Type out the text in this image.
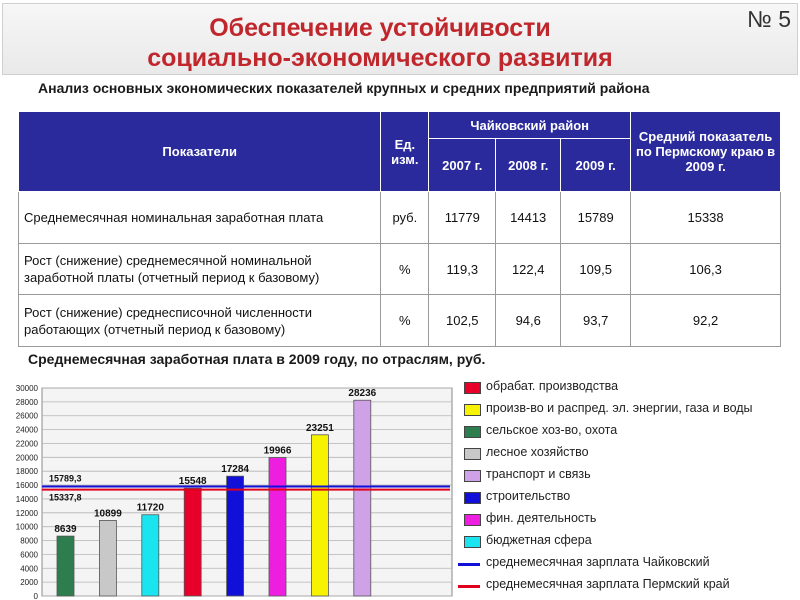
Обеспечение устойчивости
социально-экономического развития
№ 5
Анализ основных экономических показателей крупных и средних предприятий района
Показатели	Ед. изм.	Чайковский район			Средний показатель по Пермскому краю в 2009 г.
		2007 г.	2008 г.	2009 г.	
Среднемесячная номинальная заработная плата	руб.	11779	14413	15789	15338
Рост (снижение) среднемесячной номинальной заработной платы (отчетный период к базовому)	%	119,3	122,4	109,5	106,3
Рост (снижение) среднесписочной численности работающих (отчетный период к базовому)	%	102,5	94,6	93,7	92,2
Среднемесячная заработная плата в 2009 году, по отраслям, руб.
0
2000
4000
6000
8000
10000
12000
14000
16000
18000
20000
22000
24000
26000
28000
30000
8639
10899
11720
15548
17284
19966
23251
28236
15789,3
15337,8
обрабат. производства
произв-во и распред. эл. энергии, газа и воды
сельское хоз-во, охота
лесное хозяйство
транспорт и связь
строительство
фин. деятельность
бюджетная сфера
среднемесячная зарплата Чайковский
среднемесячная зарплата Пермский край
